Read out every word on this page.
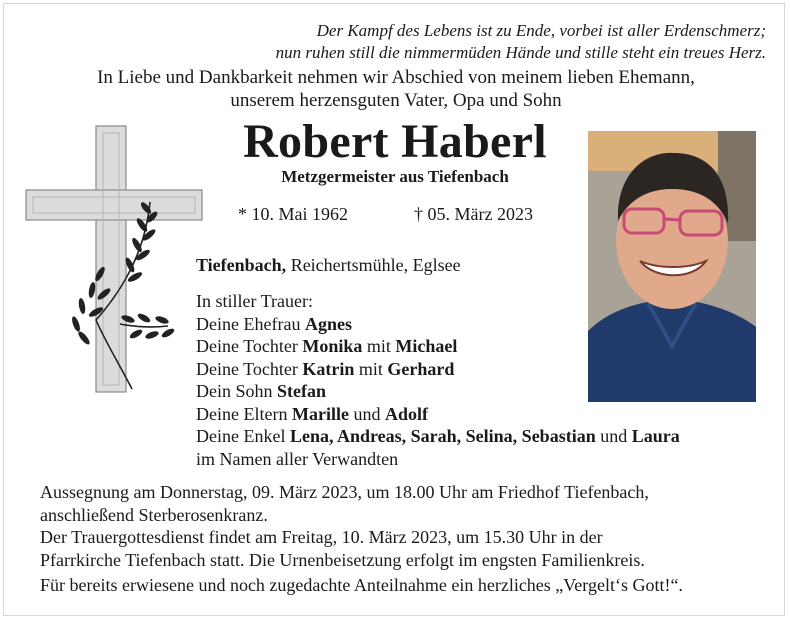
Der Kampf des Lebens ist zu Ende, vorbei ist aller Erdenschmerz;
nun ruhen still die nimmermüden Hände und stille steht ein treues Herz.
In Liebe und Dankbarkeit nehmen wir Abschied von meinem lieben Ehemann,
unserem herzensguten Vater, Opa und Sohn
Robert Haberl
Metzgermeister aus Tiefenbach
* 10. Mai 1962	† 05. März 2023
Tiefenbach, Reichertsmühle, Eglsee
In stiller Trauer:
Deine Ehefrau Agnes
Deine Tochter Monika mit Michael
Deine Tochter Katrin mit Gerhard
Dein Sohn Stefan
Deine Eltern Marille und Adolf
Deine Enkel Lena, Andreas, Sarah, Selina, Sebastian und Laura
im Namen aller Verwandten
Aussegnung am Donnerstag, 09. März 2023, um 18.00 Uhr am Friedhof Tiefenbach,
anschließend Sterberosenkranz.
Der Trauergottesdienst findet am Freitag, 10. März 2023, um 15.30 Uhr in der
Pfarrkirche Tiefenbach statt. Die Urnenbeisetzung erfolgt im engsten Familienkreis.
Für bereits erwiesene und noch zugedachte Anteilnahme ein herzliches „Vergelt‘s Gott!“.
